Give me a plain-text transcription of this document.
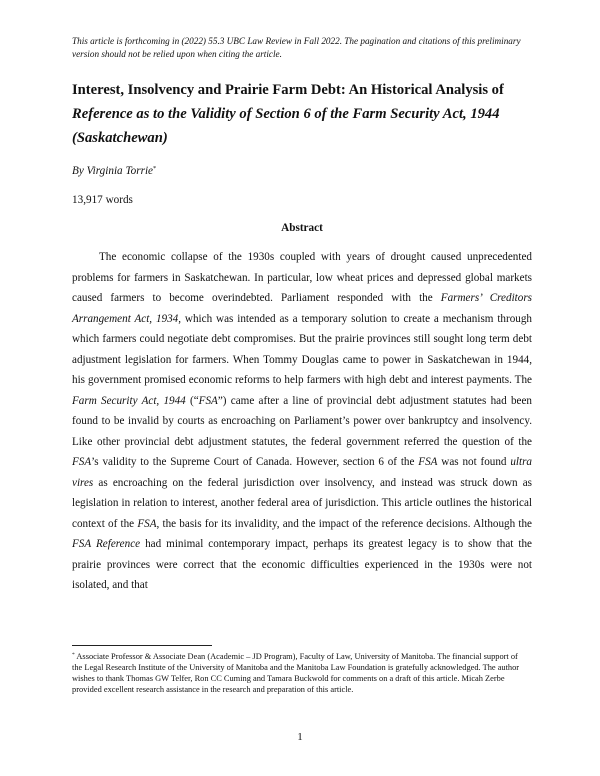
This article is forthcoming in (2022) 55.3 UBC Law Review in Fall 2022. The pagination and citations of this preliminary version should not be relied upon when citing the article.
Interest, Insolvency and Prairie Farm Debt: An Historical Analysis of Reference as to the Validity of Section 6 of the Farm Security Act, 1944 (Saskatchewan)
By Virginia Torrie*
13,917 words
Abstract

The economic collapse of the 1930s coupled with years of drought caused unprecedented problems for farmers in Saskatchewan. In particular, low wheat prices and depressed global markets caused farmers to become overindebted. Parliament responded with the Farmers’ Creditors Arrangement Act, 1934, which was intended as a temporary solution to create a mechanism through which farmers could negotiate debt compromises. But the prairie provinces still sought long term debt adjustment legislation for farmers. When Tommy Douglas came to power in Saskatchewan in 1944, his government promised economic reforms to help farmers with high debt and interest payments. The Farm Security Act, 1944 (“FSA”) came after a line of provincial debt adjustment statutes had been found to be invalid by courts as encroaching on Parliament’s power over bankruptcy and insolvency. Like other provincial debt adjustment statutes, the federal government referred the question of the FSA’s validity to the Supreme Court of Canada. However, section 6 of the FSA was not found ultra vires as encroaching on the federal jurisdiction over insolvency, and instead was struck down as legislation in relation to interest, another federal area of jurisdiction. This article outlines the historical context of the FSA, the basis for its invalidity, and the impact of the reference decisions. Although the FSA Reference had minimal contemporary impact, perhaps its greatest legacy is to show that the prairie provinces were correct that the economic difficulties experienced in the 1930s were not isolated, and that

* Associate Professor & Associate Dean (Academic – JD Program), Faculty of Law, University of Manitoba. The financial support of the Legal Research Institute of the University of Manitoba and the Manitoba Law Foundation is gratefully acknowledged. The author wishes to thank Thomas GW Telfer, Ron CC Cuming and Tamara Buckwold for comments on a draft of this article. Micah Zerbe provided excellent research assistance in the research and preparation of this article.
1
